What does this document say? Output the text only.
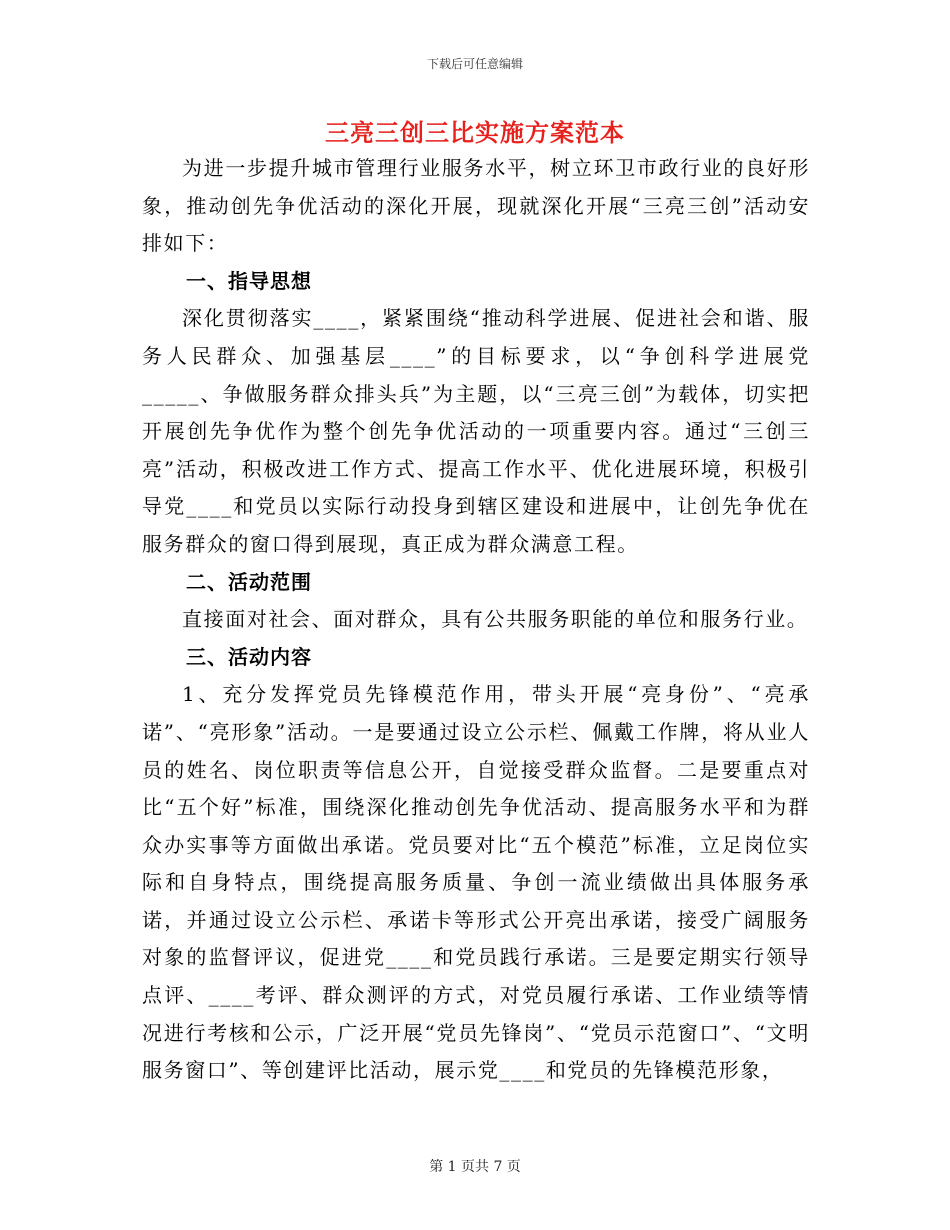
下载后可任意编辑
三亮三创三比实施方案范本

为进一步提升城市管理行业服务水平，树立环卫市政行业的良好形象，推动创先争优活动的深化开展，现就深化开展“三亮三创”活动安排如下：

一、指导思想

深化贯彻落实____，紧紧围绕“推动科学进展、促进社会和谐、服务人民群众、加强基层____”的目标要求，以“争创科学进展党_____、争做服务群众排头兵”为主题，以“三亮三创”为载体，切实把开展创先争优作为整个创先争优活动的一项重要内容。通过“三创三亮”活动，积极改进工作方式、提高工作水平、优化进展环境，积极引导党____和党员以实际行动投身到辖区建设和进展中，让创先争优在服务群众的窗口得到展现，真正成为群众满意工程。

二、活动范围

直接面对社会、面对群众，具有公共服务职能的单位和服务行业。

三、活动内容

1、充分发挥党员先锋模范作用，带头开展“亮身份”、“亮承诺”、“亮形象”活动。一是要通过设立公示栏、佩戴工作牌，将从业人员的姓名、岗位职责等信息公开，自觉接受群众监督。二是要重点对比“五个好”标准，围绕深化推动创先争优活动、提高服务水平和为群众办实事等方面做出承诺。党员要对比“五个模范”标准，立足岗位实际和自身特点，围绕提高服务质量、争创一流业绩做出具体服务承诺，并通过设立公示栏、承诺卡等形式公开亮出承诺，接受广阔服务对象的监督评议，促进党____和党员践行承诺。三是要定期实行领导点评、____考评、群众测评的方式，对党员履行承诺、工作业绩等情况进行考核和公示，广泛开展“党员先锋岗”、“党员示范窗口”、“文明服务窗口”、等创建评比活动，展示党____和党员的先锋模范形象，

第 1 页共 7 页
